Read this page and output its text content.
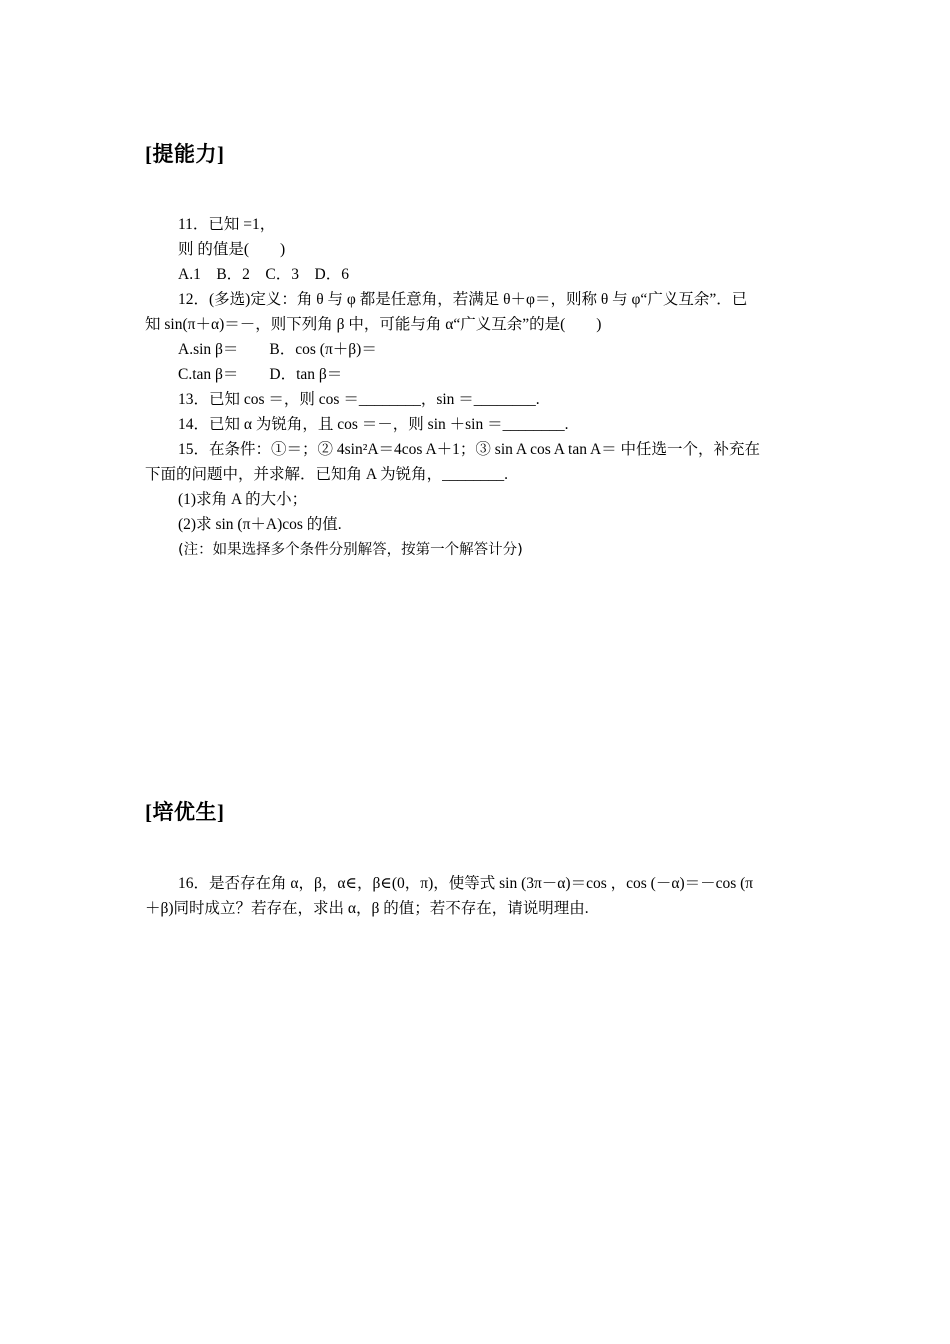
[提能力]
11．已知 =1，
则 的值是(　　)
A.1　B．2　C．3　D．6
12．(多选)定义：角 θ 与 φ 都是任意角，若满足 θ＋φ＝，则称 θ 与 φ“广义互余”．已
知 sin(π＋α)＝－，则下列角 β 中，可能与角 α“广义互余”的是(　　)
A.sin β＝　　B．cos (π＋β)＝
C.tan β＝　　D．tan β＝
13．已知 cos ＝，则 cos ＝________，sin ＝________.
14．已知 α 为锐角，且 cos ＝－，则 sin ＋sin ＝________.
15．在条件：①＝；② 4sin²A＝4cos A＋1；③ sin A cos A tan A＝ 中任选一个，补充在
下面的问题中，并求解．已知角 A 为锐角，________.
(1)求角 A 的大小；
(2)求 sin (π＋A)cos 的值.
(注：如果选择多个条件分别解答，按第一个解答计分)
[培优生]
16．是否存在角 α，β，α∈，β∈(0，π)，使等式 sin (3π－α)＝cos ，cos (－α)＝－cos (π
＋β)同时成立？若存在，求出 α，β 的值；若不存在，请说明理由.
